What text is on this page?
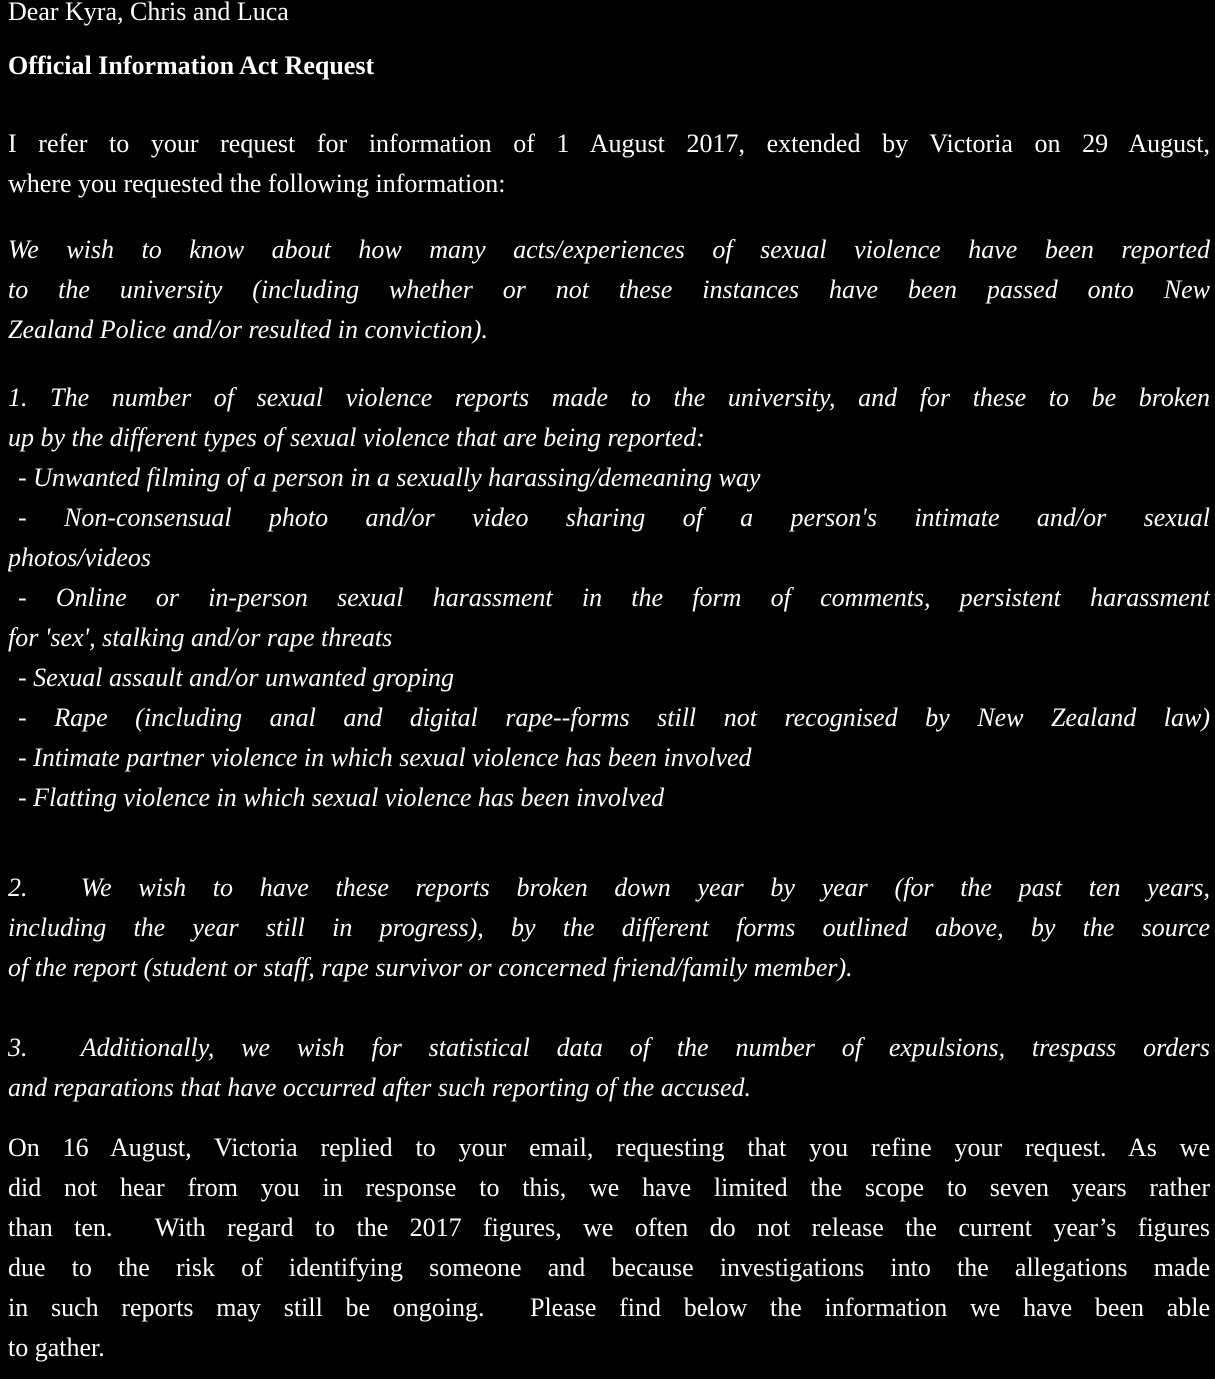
Dear Kyra, Chris and Luca
Official Information Act Request
I refer to your request for information of 1 August 2017, extended by Victoria on 29 August,
where you requested the following information:
We wish to know about how many acts/experiences of sexual violence have been reported
to the university (including whether or not these instances have been passed onto New
Zealand Police and/or resulted in conviction).
1. The number of sexual violence reports made to the university, and for these to be broken
up by the different types of sexual violence that are being reported:
- Unwanted filming of a person in a sexually harassing/demeaning way
- Non-consensual photo and/or video sharing of a person's intimate and/or sexual
photos/videos
- Online or in-person sexual harassment in the form of comments, persistent harassment
for 'sex', stalking and/or rape threats
- Sexual assault and/or unwanted groping
- Rape (including anal and digital rape--forms still not recognised by New Zealand law)
- Intimate partner violence in which sexual violence has been involved
- Flatting violence in which sexual violence has been involved
2.  We wish to have these reports broken down year by year (for the past ten years,
including the year still in progress), by the different forms outlined above, by the source
of the report (student or staff, rape survivor or concerned friend/family member).
3.  Additionally, we wish for statistical data of the number of expulsions, trespass orders
and reparations that have occurred after such reporting of the accused.
On 16 August, Victoria replied to your email, requesting that you refine your request. As we
did not hear from you in response to this, we have limited the scope to seven years rather
than ten.  With regard to the 2017 figures, we often do not release the current year’s figures
due to the risk of identifying someone and because investigations into the allegations made
in such reports may still be ongoing.  Please find below the information we have been able
to gather.
